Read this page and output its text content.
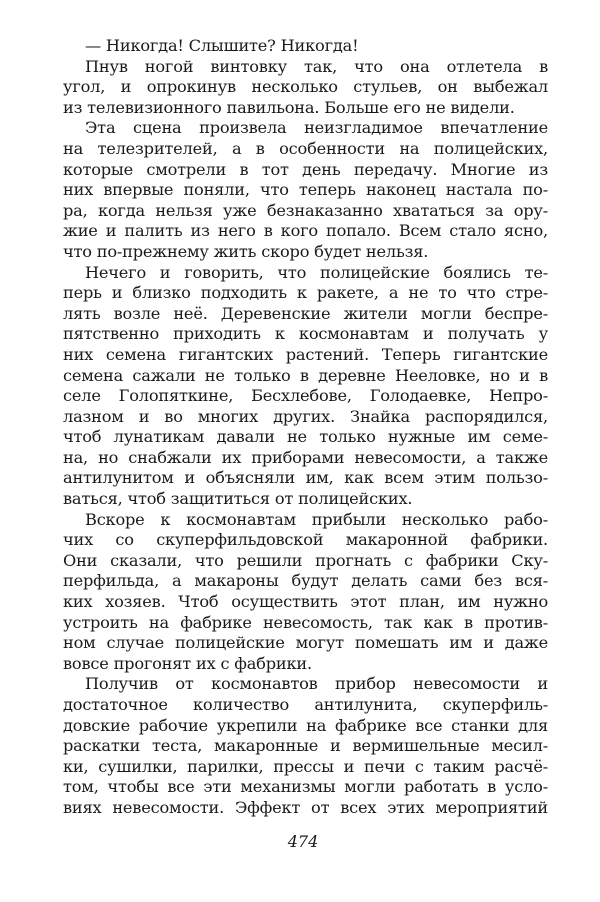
— Никогда! Слышите? Никогда!
Пнув ногой винтовку так, что она отлетела в
угол, и опрокинув несколько стульев, он выбежал
из телевизионного павильона. Больше его не видели.
Эта сцена произвела неизгладимое впечатление
на телезрителей, а в особенности на полицейских,
которые смотрели в тот день передачу. Многие из
них впервые поняли, что теперь наконец настала по-
ра, когда нельзя уже безнаказанно хвататься за ору-
жие и палить из него в кого попало. Всем стало ясно,
что по-прежнему жить скоро будет нельзя.
Нечего и говорить, что полицейские боялись те-
перь и близко подходить к ракете, а не то что стре-
лять возле неё. Деревенские жители могли беспре-
пятственно приходить к космонавтам и получать у
них семена гигантских растений. Теперь гигантские
семена сажали не только в деревне Нееловке, но и в
селе Голопяткине, Бесхлебове, Голодаевке, Непро-
лазном и во многих других. Знайка распорядился,
чтоб лунатикам давали не только нужные им семе-
на, но снабжали их приборами невесомости, а также
антилунитом и объясняли им, как всем этим пользо-
ваться, чтоб защититься от полицейских.
Вскоре к космонавтам прибыли несколько рабо-
чих со скуперфильдовской макаронной фабрики.
Они сказали, что решили прогнать с фабрики Ску-
перфильда, а макароны будут делать сами без вся-
ких хозяев. Чтоб осуществить этот план, им нужно
устроить на фабрике невесомость, так как в против-
ном случае полицейские могут помешать им и даже
вовсе прогонят их с фабрики.
Получив от космонавтов прибор невесомости и
достаточное количество антилунита, скуперфиль-
довские рабочие укрепили на фабрике все станки для
раскатки теста, макаронные и вермишельные месил-
ки, сушилки, парилки, прессы и печи с таким расчё-
том, чтобы все эти механизмы могли работать в усло-
виях невесомости. Эффект от всех этих мероприятий
474
